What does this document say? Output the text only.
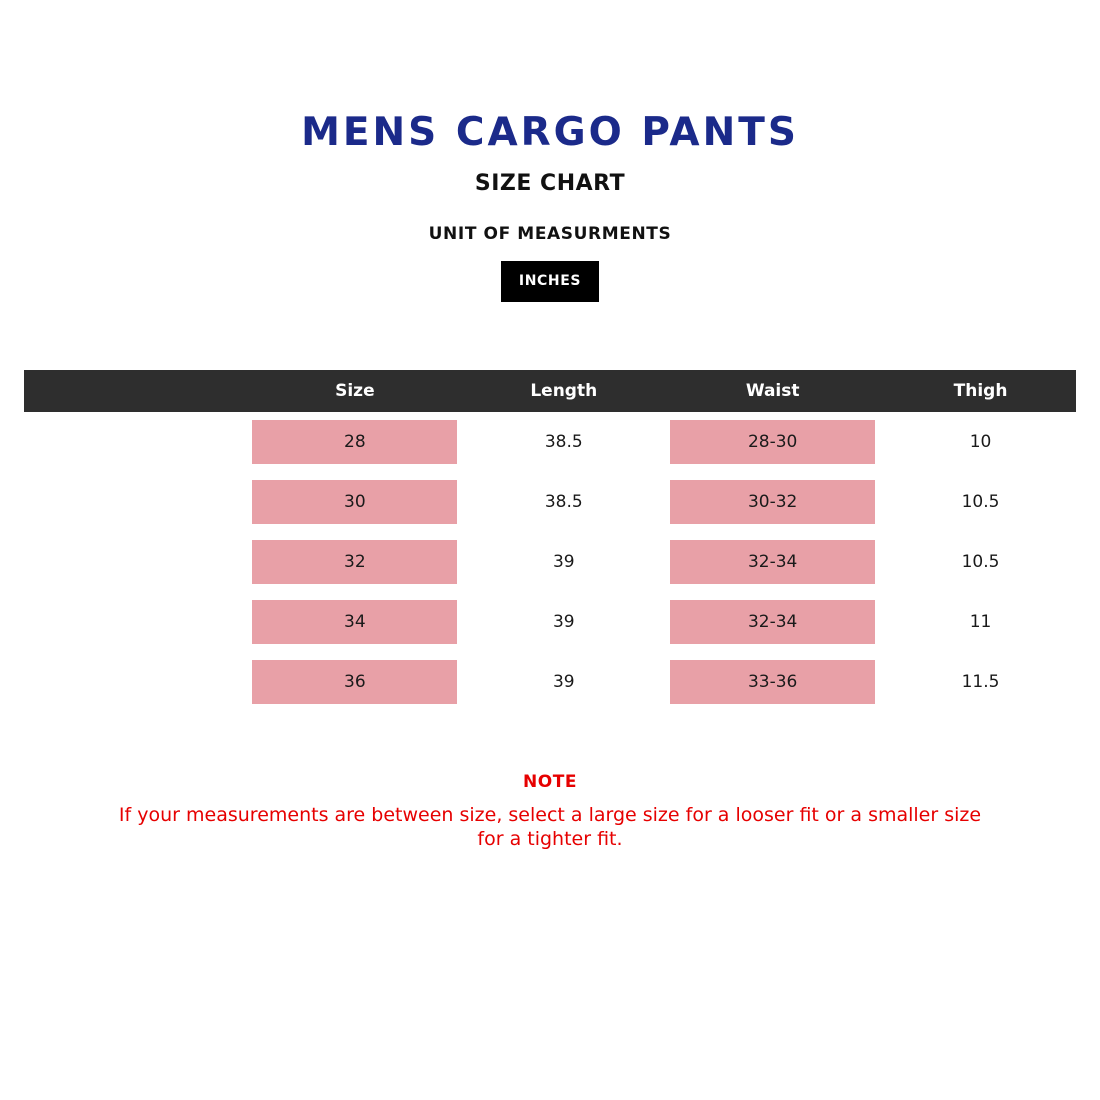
MENS CARGO PANTS
SIZE CHART
UNIT OF MEASURMENTS
INCHES
	Size	Length	Waist	Thigh

	28	38.5	28-30	10

	30	38.5	30-32	10.5

	32	39	32-34	10.5

	34	39	32-34	11

	36	39	33-36	11.5
NOTE
If your measurements are between size, select a large size for a looser fit or a smaller size for a tighter fit.
